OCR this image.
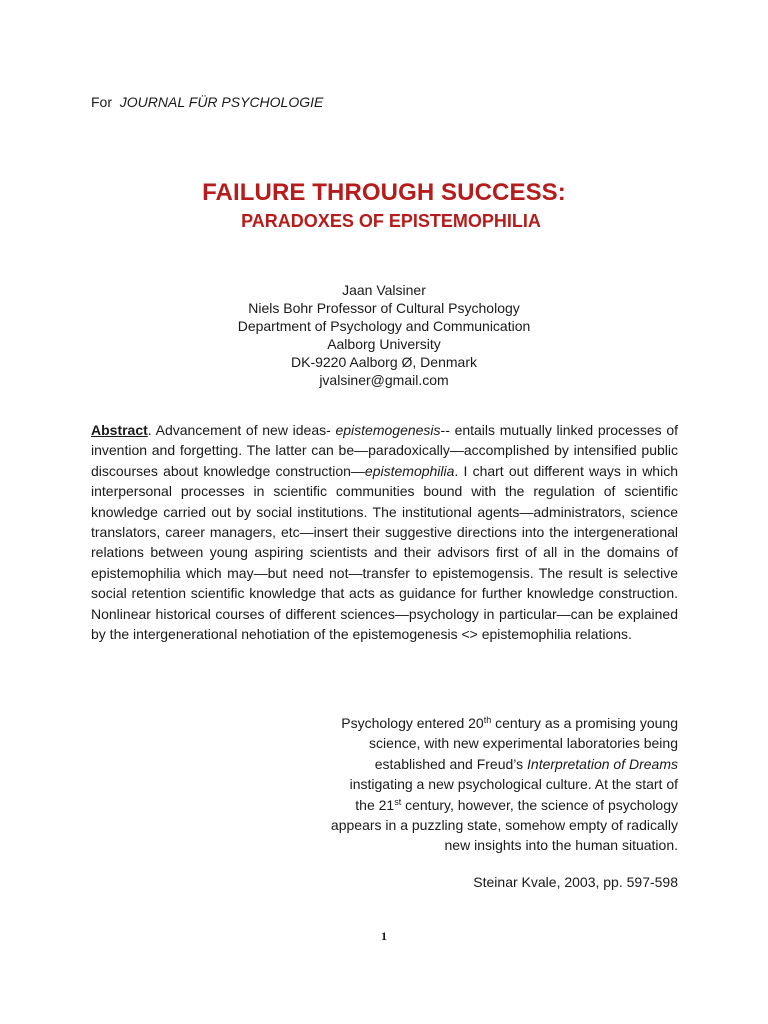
For JOURNAL FÜR PSYCHOLOGIE
FAILURE THROUGH SUCCESS:
PARADOXES OF EPISTEMOPHILIA
Jaan Valsiner
Niels Bohr Professor of Cultural Psychology
Department of Psychology and Communication
Aalborg University
DK-9220 Aalborg Ø, Denmark
jvalsiner@gmail.com
Abstract. Advancement of new ideas- epistemogenesis-- entails mutually linked processes of invention and forgetting. The latter can be—paradoxically—accomplished by intensified public discourses about knowledge construction—epistemophilia. I chart out different ways in which interpersonal processes in scientific communities bound with the regulation of scientific knowledge carried out by social institutions. The institutional agents—administrators, science translators, career managers, etc—insert their suggestive directions into the intergenerational relations between young aspiring scientists and their advisors first of all in the domains of epistemophilia which may—but need not—transfer to epistemogensis. The result is selective social retention scientific knowledge that acts as guidance for further knowledge construction. Nonlinear historical courses of different sciences—psychology in particular—can be explained by the intergenerational nehotiation of the epistemogenesis <> epistemophilia relations.
Psychology entered 20th century as a promising young
science, with new experimental laboratories being
established and Freud’s Interpretation of Dreams
instigating a new psychological culture. At the start of
the 21st century, however, the science of psychology
appears in a puzzling state, somehow empty of radically
new insights into the human situation.
Steinar Kvale, 2003, pp. 597-598
1
